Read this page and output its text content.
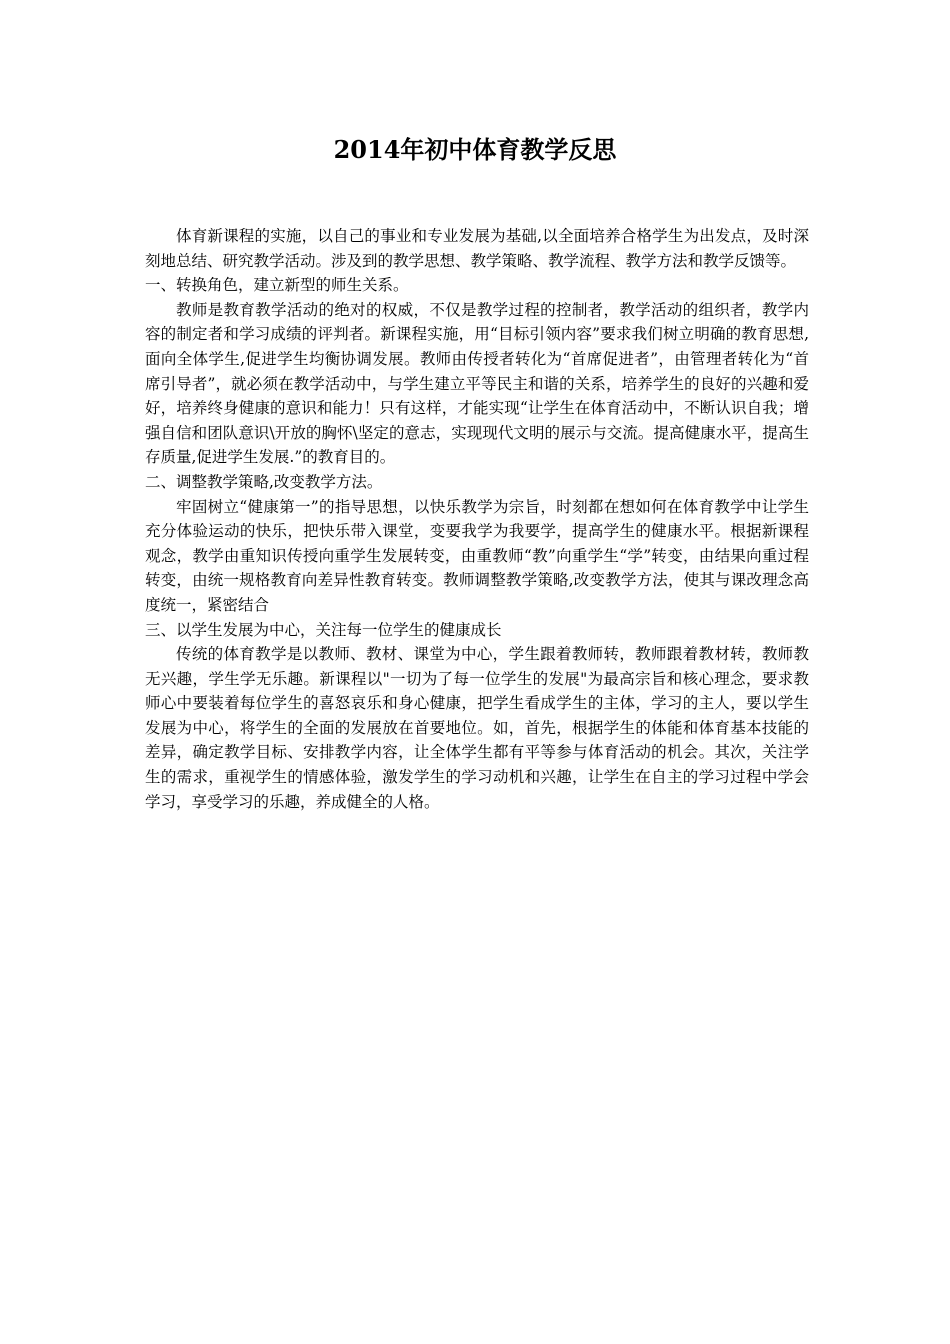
2014年初中体育教学反思

体育新课程的实施，以自己的事业和专业发展为基础,以全面培养合格学生为出发点，及时深刻地总结、研究教学活动。涉及到的教学思想、教学策略、教学流程、教学方法和教学反馈等。

一、转换角色，建立新型的师生关系。

教师是教育教学活动的绝对的权威，不仅是教学过程的控制者，教学活动的组织者，教学内容的制定者和学习成绩的评判者。新课程实施，用“目标引领内容”要求我们树立明确的教育思想,面向全体学生,促进学生均衡协调发展。教师由传授者转化为“首席促进者”，由管理者转化为“首席引导者”，就必须在教学活动中，与学生建立平等民主和谐的关系，培养学生的良好的兴趣和爱好，培养终身健康的意识和能力！只有这样，才能实现“让学生在体育活动中，不断认识自我；增强自信和团队意识\开放的胸怀\坚定的意志，实现现代文明的展示与交流。提高健康水平，提高生存质量,促进学生发展.”的教育目的。

二、调整教学策略,改变教学方法。

牢固树立“健康第一”的指导思想，以快乐教学为宗旨，时刻都在想如何在体育教学中让学生充分体验运动的快乐，把快乐带入课堂，变要我学为我要学，提高学生的健康水平。根据新课程观念，教学由重知识传授向重学生发展转变，由重教师“教”向重学生“学”转变，由结果向重过程转变，由统一规格教育向差异性教育转变。教师调整教学策略,改变教学方法，使其与课改理念高度统一，紧密结合

三、以学生发展为中心，关注每一位学生的健康成长

传统的体育教学是以教师、教材、课堂为中心，学生跟着教师转，教师跟着教材转，教师教无兴趣，学生学无乐趣。新课程以"一切为了每一位学生的发展"为最高宗旨和核心理念，要求教师心中要装着每位学生的喜怒哀乐和身心健康，把学生看成学生的主体，学习的主人，要以学生发展为中心，将学生的全面的发展放在首要地位。如，首先，根据学生的体能和体育基本技能的差异，确定教学目标、安排教学内容，让全体学生都有平等参与体育活动的机会。其次，关注学生的需求，重视学生的情感体验，激发学生的学习动机和兴趣，让学生在自主的学习过程中学会学习，享受学习的乐趣，养成健全的人格。
